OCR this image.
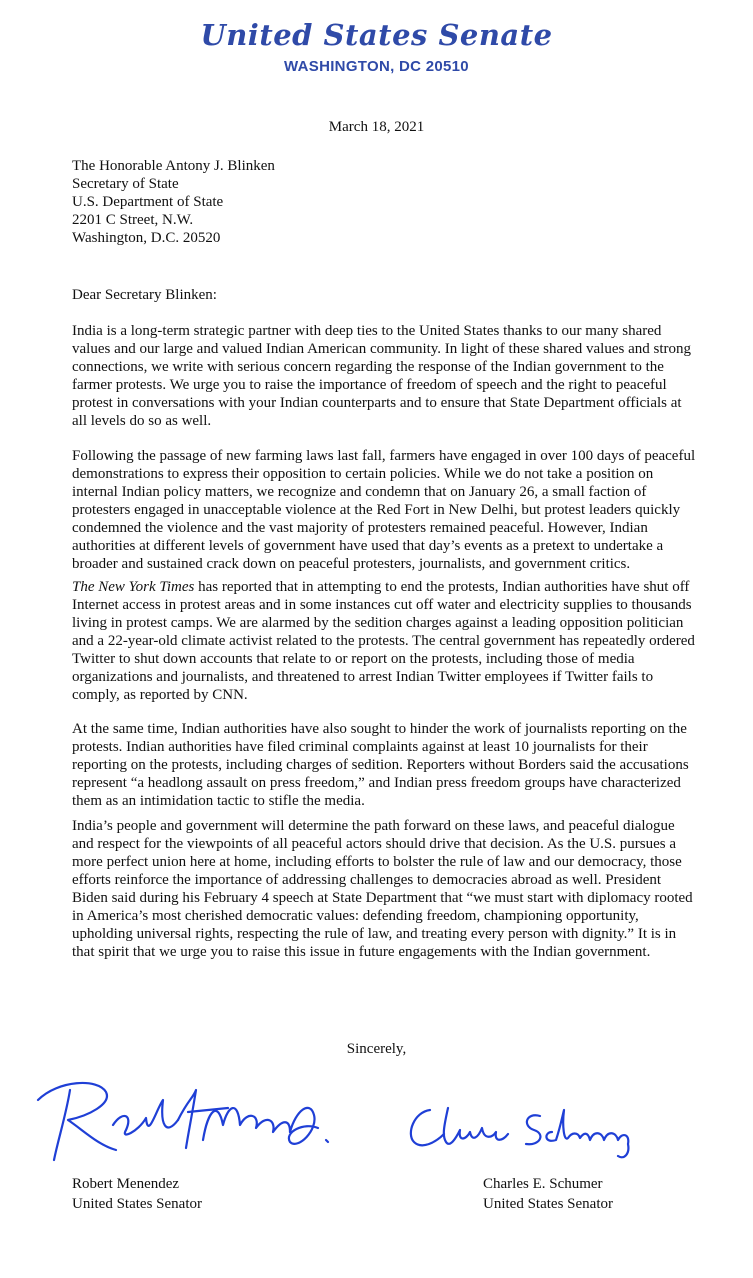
United States Senate
WASHINGTON, DC 20510
March 18, 2021
The Honorable Antony J. Blinken
Secretary of State
U.S. Department of State
2201 C Street, N.W.
Washington, D.C. 20520

Dear Secretary Blinken:

India is a long-term strategic partner with deep ties to the United States thanks to our many shared values and our large and valued Indian American community. In light of these shared values and strong connections, we write with serious concern regarding the response of the Indian government to the farmer protests. We urge you to raise the importance of freedom of speech and the right to peaceful protest in conversations with your Indian counterparts and to ensure that State Department officials at all levels do so as well.

Following the passage of new farming laws last fall, farmers have engaged in over 100 days of peaceful demonstrations to express their opposition to certain policies. While we do not take a position on internal Indian policy matters, we recognize and condemn that on January 26, a small faction of protesters engaged in unacceptable violence at the Red Fort in New Delhi, but protest leaders quickly condemned the violence and the vast majority of protesters remained peaceful. However, Indian authorities at different levels of government have used that day’s events as a pretext to undertake a broader and sustained crack down on peaceful protesters, journalists, and government critics.

The New York Times has reported that in attempting to end the protests, Indian authorities have shut off Internet access in protest areas and in some instances cut off water and electricity supplies to thousands living in protest camps. We are alarmed by the sedition charges against a leading opposition politician and a 22-year-old climate activist related to the protests. The central government has repeatedly ordered Twitter to shut down accounts that relate to or report on the protests, including those of media organizations and journalists, and threatened to arrest Indian Twitter employees if Twitter fails to comply, as reported by CNN.

At the same time, Indian authorities have also sought to hinder the work of journalists reporting on the protests. Indian authorities have filed criminal complaints against at least 10 journalists for their reporting on the protests, including charges of sedition. Reporters without Borders said the accusations represent “a headlong assault on press freedom,” and Indian press freedom groups have characterized them as an intimidation tactic to stifle the media.

India’s people and government will determine the path forward on these laws, and peaceful dialogue and respect for the viewpoints of all peaceful actors should drive that decision. As the U.S. pursues a more perfect union here at home, including efforts to bolster the rule of law and our democracy, those efforts reinforce the importance of addressing challenges to democracies abroad as well. President Biden said during his February 4 speech at State Department that “we must start with diplomacy rooted in America’s most cherished democratic values: defending freedom, championing opportunity, upholding universal rights, respecting the rule of law, and treating every person with dignity.” It is in that spirit that we urge you to raise this issue in future engagements with the Indian government.

Sincerely,
Robert Menendez
United States Senator
Charles E. Schumer
United States Senator
